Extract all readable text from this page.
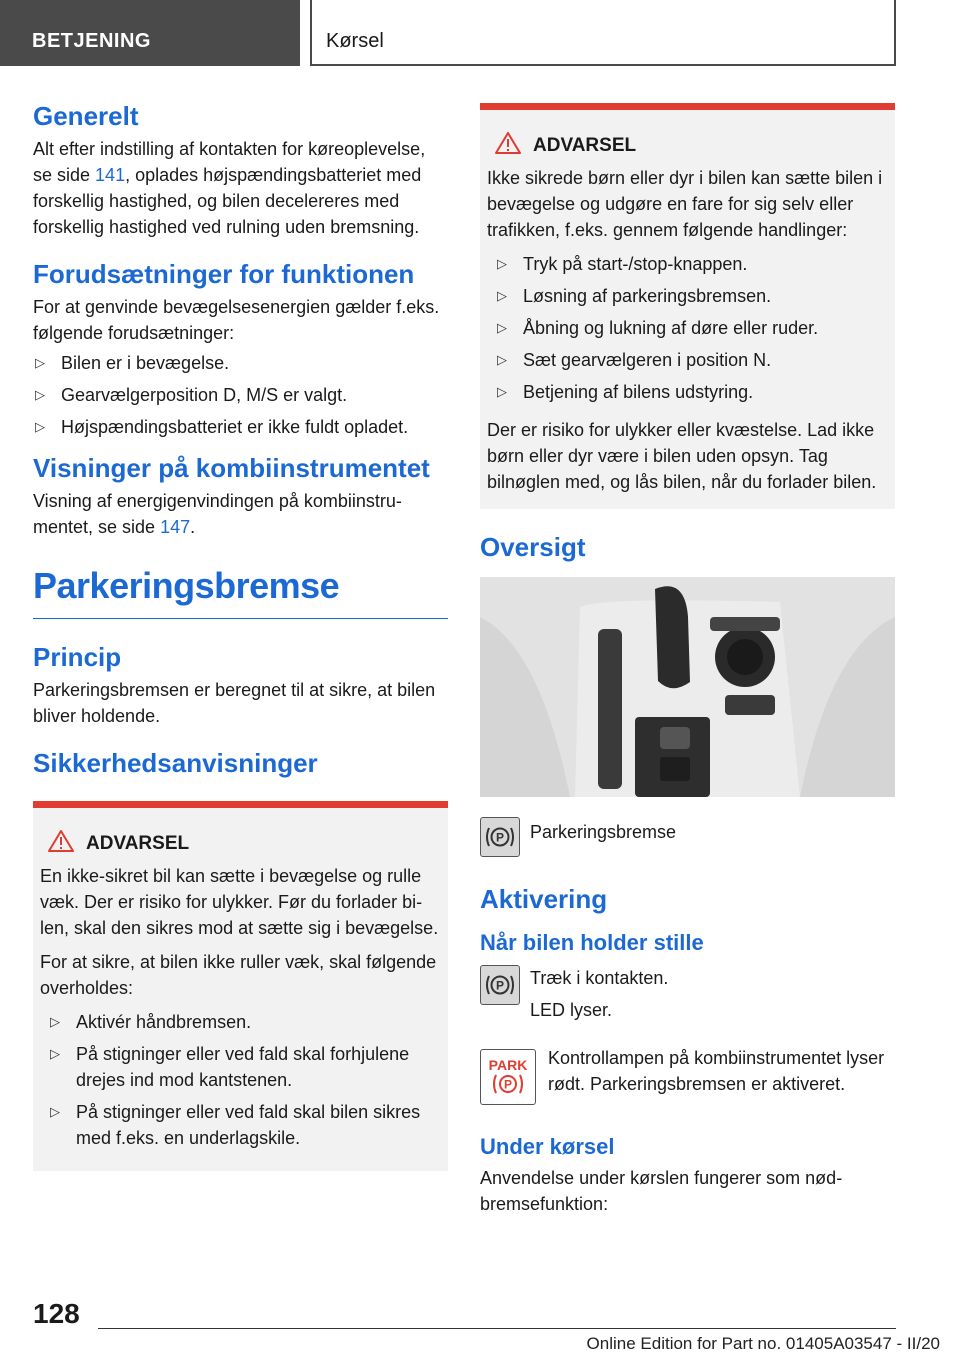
BETJENING	Kørsel
Generelt

Alt efter indstilling af kontakten for køreoplevelse, se side 141, oplades højspændingsbatteriet med forskellig hastighed, og bilen decelereres med forskellig hastighed ved rulning uden bremsning.

Forudsætninger for funktionen

For at genvinde bevægelsesenergien gælder f.eks. følgende forudsætninger:

▷ Bilen er i bevægelse.
▷ Gearvælgerposition D, M/S er valgt.
▷ Højspændingsbatteriet er ikke fuldt opladet.
Visninger på kombiinstrumentet

Visning af energigenvindingen på kombiinstrumentet, se side 147.

Parkeringsbremse
Princip

Parkeringsbremsen er beregnet til at sikre, at bilen bliver holdende.

Sikkerhedsanvisninger
ADVARSEL

En ikke-sikret bil kan sætte i bevægelse og rulle væk. Der er risiko for ulykker. Før du forlader bilen, skal den sikres mod at sætte sig i bevægelse.

For at sikre, at bilen ikke ruller væk, skal følgende overholdes:

▷ Aktivér håndbremsen.
▷ På stigninger eller ved fald skal forhjulene drejes ind mod kantstenen.
▷ På stigninger eller ved fald skal bilen sikres med f.eks. en underlagskile.
ADVARSEL

Ikke sikrede børn eller dyr i bilen kan sætte bilen i bevægelse og udgøre en fare for sig selv eller trafikken, f.eks. gennem følgende handlinger:

▷ Tryk på start-/stop-knappen.
▷ Løsning af parkeringsbremsen.
▷ Åbning og lukning af døre eller ruder.
▷ Sæt gearvælgeren i position N.
▷ Betjening af bilens udstyring.

Der er risiko for ulykker eller kvæstelse. Lad ikke børn eller dyr være i bilen uden opsyn. Tag bilnøglen med, og lås bilen, når du forlader bilen.

Oversigt
P Parkeringsbremse

Aktivering
Når bilen holder stille
P Træk i kontakten.

LED lyser.

PARK
P

Kontrollampen på kombiinstrumentet lyser rødt. Parkeringsbremsen er aktiveret.

Under kørsel

Anvendelse under kørslen fungerer som nødbremsefunktion:

128
Online Edition for Part no. 01405A03547 - II/20
